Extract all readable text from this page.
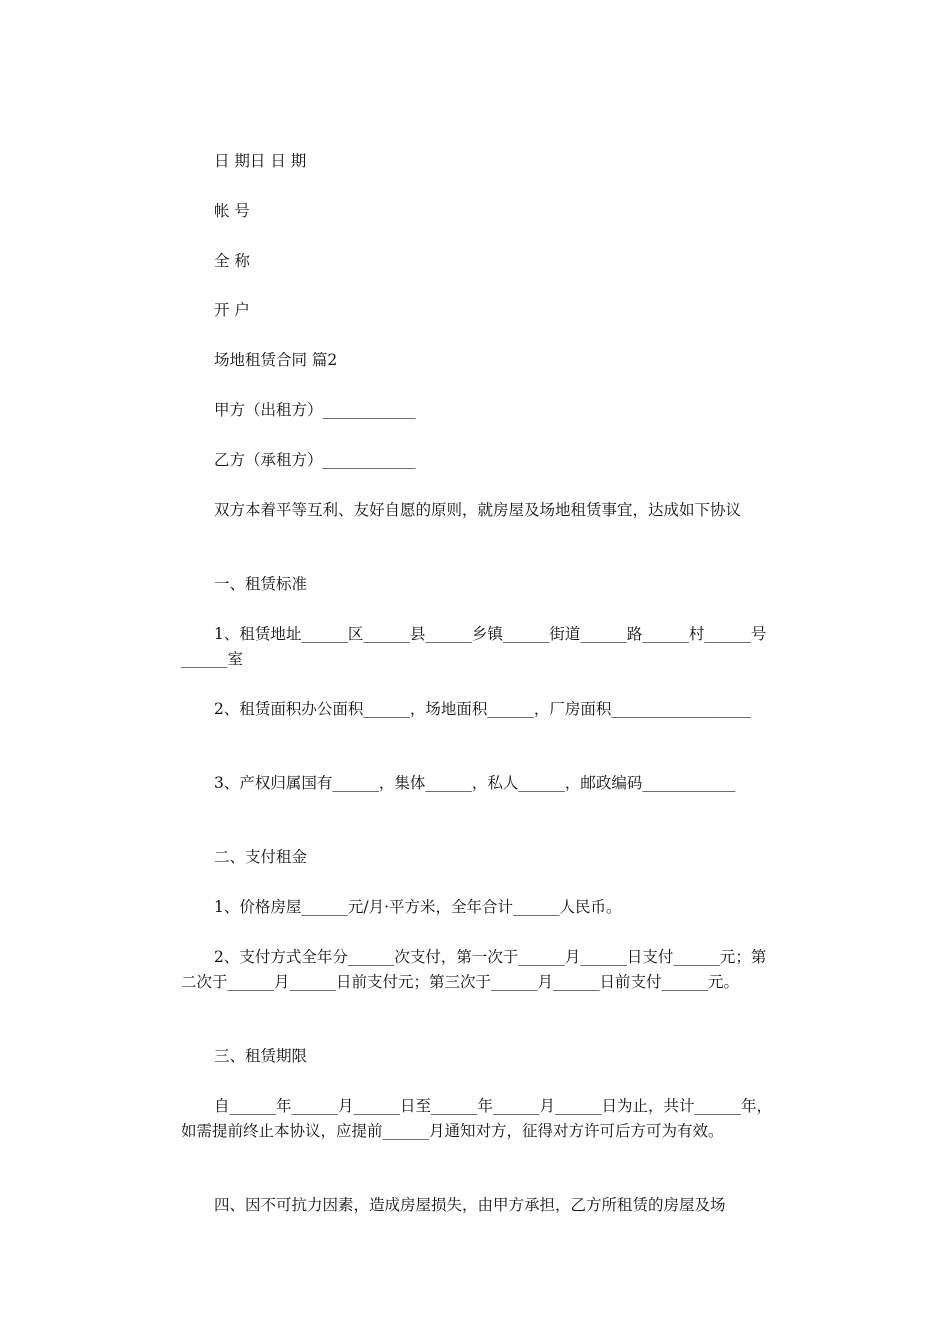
日 期日 日 期

帐 号

全 称

开 户

场地租赁合同 篇2

甲方（出租方）____________

乙方（承租方）____________

双方本着平等互利、友好自愿的原则，就房屋及场地租赁事宜，达成如下协议

一、租赁标准

1、租赁地址______区______县______乡镇______街道______路______村______号______室

2、租赁面积办公面积______，场地面积______，厂房面积__________________

3、产权归属国有______，集体______，私人______，邮政编码____________

二、支付租金

1、价格房屋______元/月·平方米，全年合计______人民币。

2、支付方式全年分______次支付，第一次于______月______日支付______元；第二次于______月______日前支付元；第三次于______月______日前支付______元。

三、租赁期限

自______年______月______日至______年______月______日为止，共计______年，如需提前终止本协议，应提前______月通知对方，征得对方许可后方可为有效。

四、因不可抗力因素，造成房屋损失，由甲方承担，乙方所租赁的房屋及场
